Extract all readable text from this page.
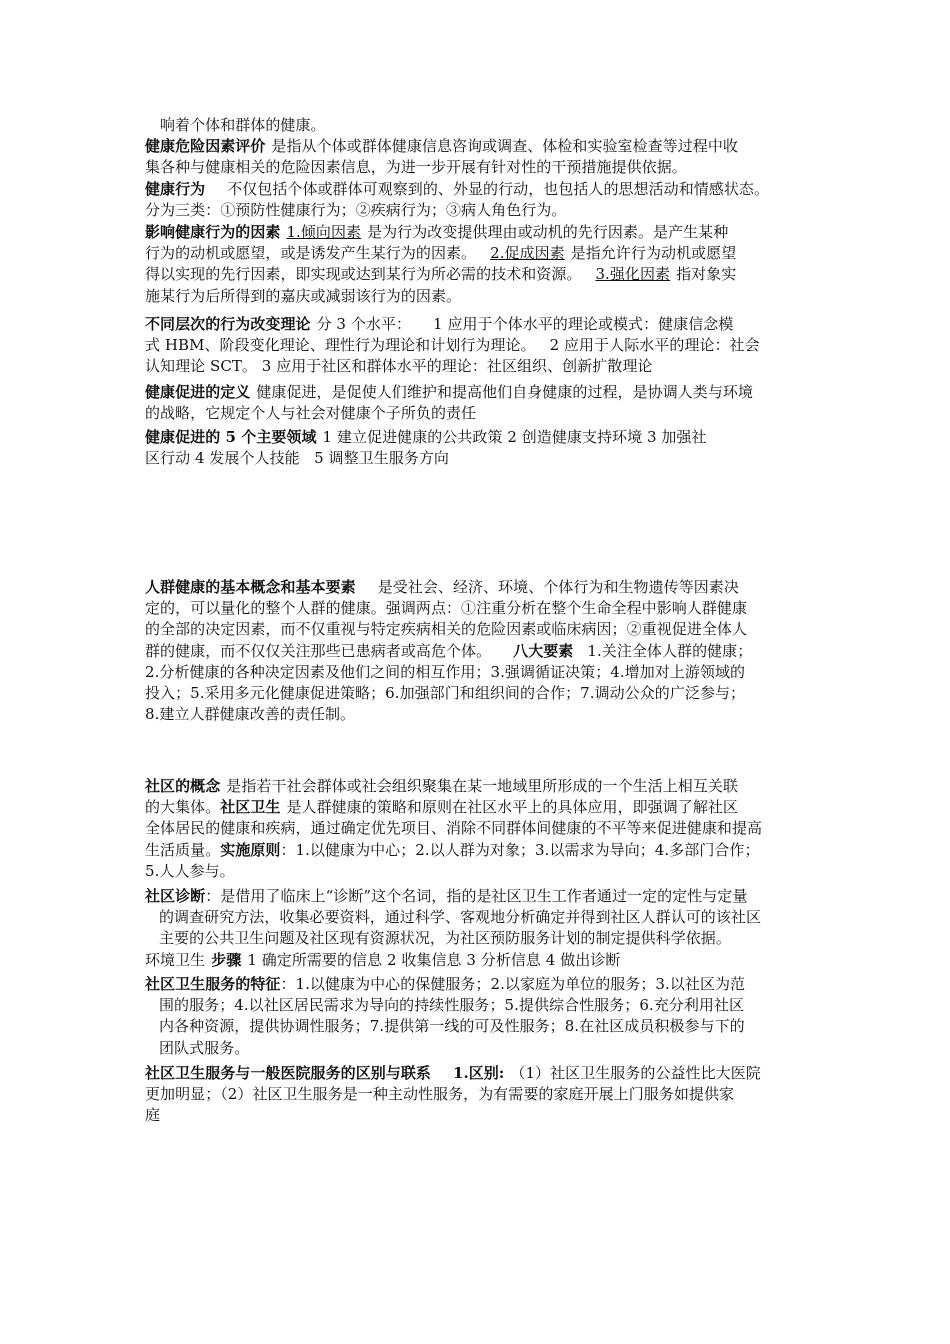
响着个体和群体的健康。
健康危险因素评价 是指从个体或群体健康信息咨询或调查、体检和实验室检查等过程中收
集各种与健康相关的危险因素信息，为进一步开展有针对性的干预措施提供依据。
健康行为 不仅包括个体或群体可观察到的、外显的行动，也包括人的思想活动和情感状态。
分为三类：①预防性健康行为；②疾病行为；③病人角色行为。
影响健康行为的因素 1.倾向因素 是为行为改变提供理由或动机的先行因素。是产生某种
行为的动机或愿望，或是诱发产生某行为的因素。 2.促成因素 是指允许行为动机或愿望
得以实现的先行因素，即实现或达到某行为所必需的技术和资源。 3.强化因素 指对象实
施某行为后所得到的嘉庆或减弱该行为的因素。
不同层次的行为改变理论 分 3 个水平： 1 应用于个体水平的理论或模式：健康信念模
式 HBM、阶段变化理论、理性行为理论和计划行为理论。 2 应用于人际水平的理论：社会
认知理论 SCT。 3 应用于社区和群体水平的理论：社区组织、创新扩散理论
健康促进的定义 健康促进，是促使人们维护和提高他们自身健康的过程，是协调人类与环境
的战略，它规定个人与社会对健康个子所负的责任
健康促进的 5 个主要领域 1 建立促进健康的公共政策 2 创造健康支持环境 3 加强社
区行动 4 发展个人技能   5 调整卫生服务方向
人群健康的基本概念和基本要素 是受社会、经济、环境、个体行为和生物遗传等因素决
定的，可以量化的整个人群的健康。强调两点：①注重分析在整个生命全程中影响人群健康
的全部的决定因素，而不仅重视与特定疾病相关的危险因素或临床病因；②重视促进全体人
群的健康，而不仅仅关注那些已患病者或高危个体。 八大要素 1.关注全体人群的健康；
2.分析健康的各种决定因素及他们之间的相互作用；3.强调循证决策；4.增加对上游领域的
投入；5.采用多元化健康促进策略；6.加强部门和组织间的合作；7.调动公众的广泛参与；
8.建立人群健康改善的责任制。
社区的概念 是指若干社会群体或社会组织聚集在某一地域里所形成的一个生活上相互关联
的大集体。社区卫生 是人群健康的策略和原则在社区水平上的具体应用，即强调了解社区
全体居民的健康和疾病，通过确定优先项目、消除不同群体间健康的不平等来促进健康和提高
生活质量。实施原则：1.以健康为中心；2.以人群为对象；3.以需求为导向；4.多部门合作；
5.人人参与。
社区诊断：是借用了临床上“诊断”这个名词，指的是社区卫生工作者通过一定的定性与定量
的调查研究方法，收集必要资料，通过科学、客观地分析确定并得到社区人群认可的该社区
主要的公共卫生问题及社区现有资源状况，为社区预防服务计划的制定提供科学依据。
环境卫生 步骤 1 确定所需要的信息 2 收集信息 3 分析信息 4 做出诊断
社区卫生服务的特征：1.以健康为中心的保健服务；2.以家庭为单位的服务；3.以社区为范
围的服务；4.以社区居民需求为导向的持续性服务；5.提供综合性服务；6.充分利用社区
内各种资源，提供协调性服务；7.提供第一线的可及性服务；8.在社区成员积极参与下的
团队式服务。
社区卫生服务与一般医院服务的区别与联系 1.区别: （1）社区卫生服务的公益性比大医院
更加明显；（2）社区卫生服务是一种主动性服务，为有需要的家庭开展上门服务如提供家
庭
